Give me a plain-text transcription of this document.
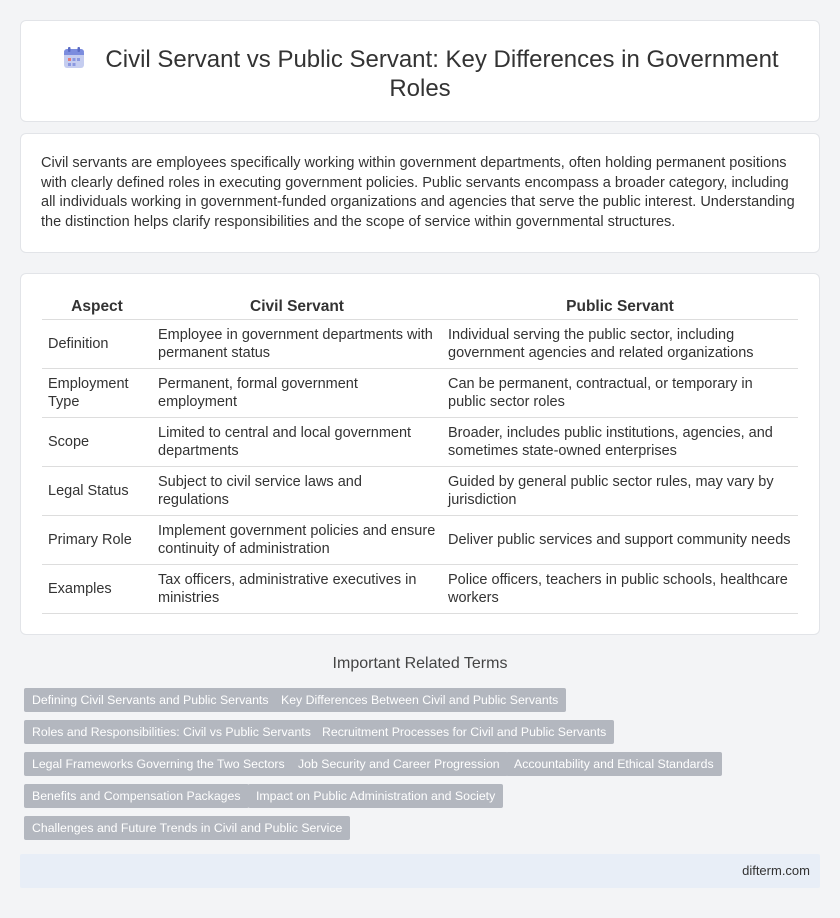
Civil Servant vs Public Servant: Key Differences in Government Roles

Civil servants are employees specifically working within government departments, often holding permanent positions with clearly defined roles in executing government policies. Public servants encompass a broader category, including all individuals working in government-funded organizations and agencies that serve the public interest. Understanding the distinction helps clarify responsibilities and the scope of service within governmental structures.

Aspect	Civil Servant	Public Servant
Definition	Employee in government departments with permanent status	Individual serving the public sector, including government agencies and related organizations
Employment Type	Permanent, formal government employment	Can be permanent, contractual, or temporary in public sector roles
Scope	Limited to central and local government departments	Broader, includes public institutions, agencies, and sometimes state-owned enterprises
Legal Status	Subject to civil service laws and regulations	Guided by general public sector rules, may vary by jurisdiction
Primary Role	Implement government policies and ensure continuity of administration	Deliver public services and support community needs
Examples	Tax officers, administrative executives in ministries	Police officers, teachers in public schools, healthcare workers
Important Related Terms
Defining Civil Servants and Public Servants	Key Differences Between Civil and Public Servants
Roles and Responsibilities: Civil vs Public Servants Recruitment Processes for Civil and Public Servants
Legal Frameworks Governing the Two Sectors	Job Security and Career Progression	Accountability and Ethical Standards
Benefits and Compensation Packages	Impact on Public Administration and Society
Challenges and Future Trends in Civil and Public Service
difterm.com
